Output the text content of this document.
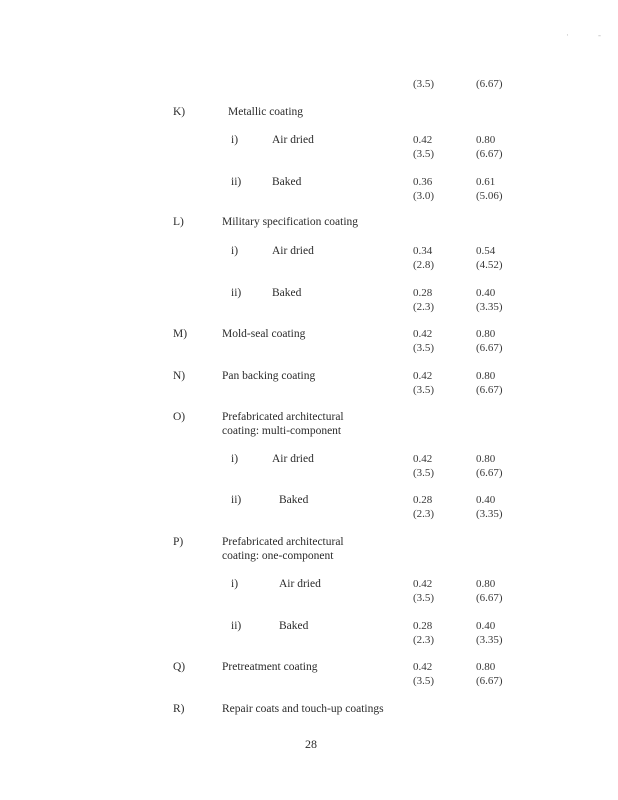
·	-
(3.5)	(6.67)
K)	Metallic coating
i)	Air dried	0.42	0.80
(3.5)	(6.67)
ii)	Baked	0.36	0.61
(3.0)	(5.06)
L)	Military specification coating
i)	Air dried	0.34	0.54
(2.8)	(4.52)
ii)	Baked	0.28	0.40
(2.3)	(3.35)
M)	Mold-seal coating	0.42	0.80
(3.5)	(6.67)
N)	Pan backing coating	0.42	0.80
(3.5)	(6.67)
O)	Prefabricated architectural
coating: multi-component
i)	Air dried	0.42	0.80
(3.5)	(6.67)
ii)	Baked	0.28	0.40
(2.3)	(3.35)
P)	Prefabricated architectural
coating: one-component
i)	Air dried	0.42	0.80
(3.5)	(6.67)
ii)	Baked	0.28	0.40
(2.3)	(3.35)
Q)	Pretreatment coating	0.42	0.80
(3.5)	(6.67)
R)	Repair coats and touch-up coatings
28
